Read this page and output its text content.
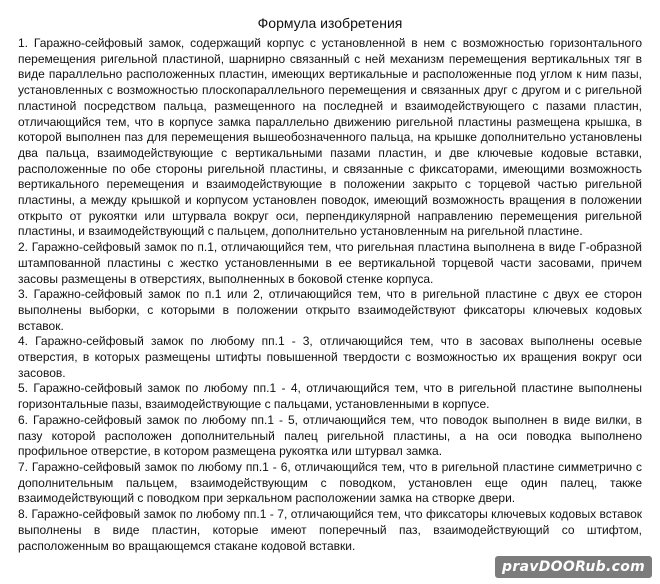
Формула изобретения

1. Гаражно-сейфовый замок, содержащий корпус с установленной в нем с возможностью горизонтального перемещения ригельной пластиной, шарнирно связанный с ней механизм перемещения вертикальных тяг в виде параллельно расположенных пластин, имеющих вертикальные и расположенные под углом к ним пазы, установленных с возможностью плоскопараллельного перемещения и связанных друг с другом и с ригельной пластиной посредством пальца, размещенного на последней и взаимодействующего с пазами пластин, отличающийся тем, что в корпусе замка параллельно движению ригельной пластины размещена крышка, в которой выполнен паз для перемещения вышеобозначенного пальца, на крышке дополнительно установлены два пальца, взаимодействующие с вертикальными пазами пластин, и две ключевые кодовые вставки, расположенные по обе стороны ригельной пластины, и связанные с фиксаторами, имеющими возможность вертикального перемещения и взаимодействующие в положении закрыто с торцевой частью ригельной пластины, а между крышкой и корпусом установлен поводок, имеющий возможность вращения в положении открыто от рукоятки или штурвала вокруг оси, перпендикулярной направлению перемещения ригельной пластины, и взаимодействующий с пальцем, дополнительно установленным на ригельной пластине.

2. Гаражно-сейфовый замок по п.1, отличающийся тем, что ригельная пластина выполнена в виде Г-образной штампованной пластины с жестко установленными в ее вертикальной торцевой части засовами, причем засовы размещены в отверстиях, выполненных в боковой стенке корпуса.

3. Гаражно-сейфовый замок по п.1 или 2, отличающийся тем, что в ригельной пластине с двух ее сторон выполнены выборки, с которыми в положении открыто взаимодействуют фиксаторы ключевых кодовых вставок.

4. Гаражно-сейфовый замок по любому пп.1 - 3, отличающийся тем, что в засовах выполнены осевые отверстия, в которых размещены штифты повышенной твердости с возможностью их вращения вокруг оси засовов.

5. Гаражно-сейфовый замок по любому пп.1 - 4, отличающийся тем, что в ригельной пластине выполнены горизонтальные пазы, взаимодействующие с пальцами, установленными в корпусе.

6. Гаражно-сейфовый замок по любому пп.1 - 5, отличающийся тем, что поводок выполнен в виде вилки, в пазу которой расположен дополнительный палец ригельной пластины, а на оси поводка выполнено профильное отверстие, в котором размещена рукоятка или штурвал замка.

7. Гаражно-сейфовый замок по любому пп.1 - 6, отличающийся тем, что в ригельной пластине симметрично с дополнительным пальцем, взаимодействующим с поводком, установлен еще один палец, также взаимодействующий с поводком при зеркальном расположении замка на створке двери.

8. Гаражно-сейфовый замок по любому пп.1 - 7, отличающийся тем, что фиксаторы ключевых кодовых вставок выполнены в виде пластин, которые имеют поперечный паз, взаимодействующий со штифтом, расположенным во вращающемся стакане кодовой вставки.

pravDOORub.com
